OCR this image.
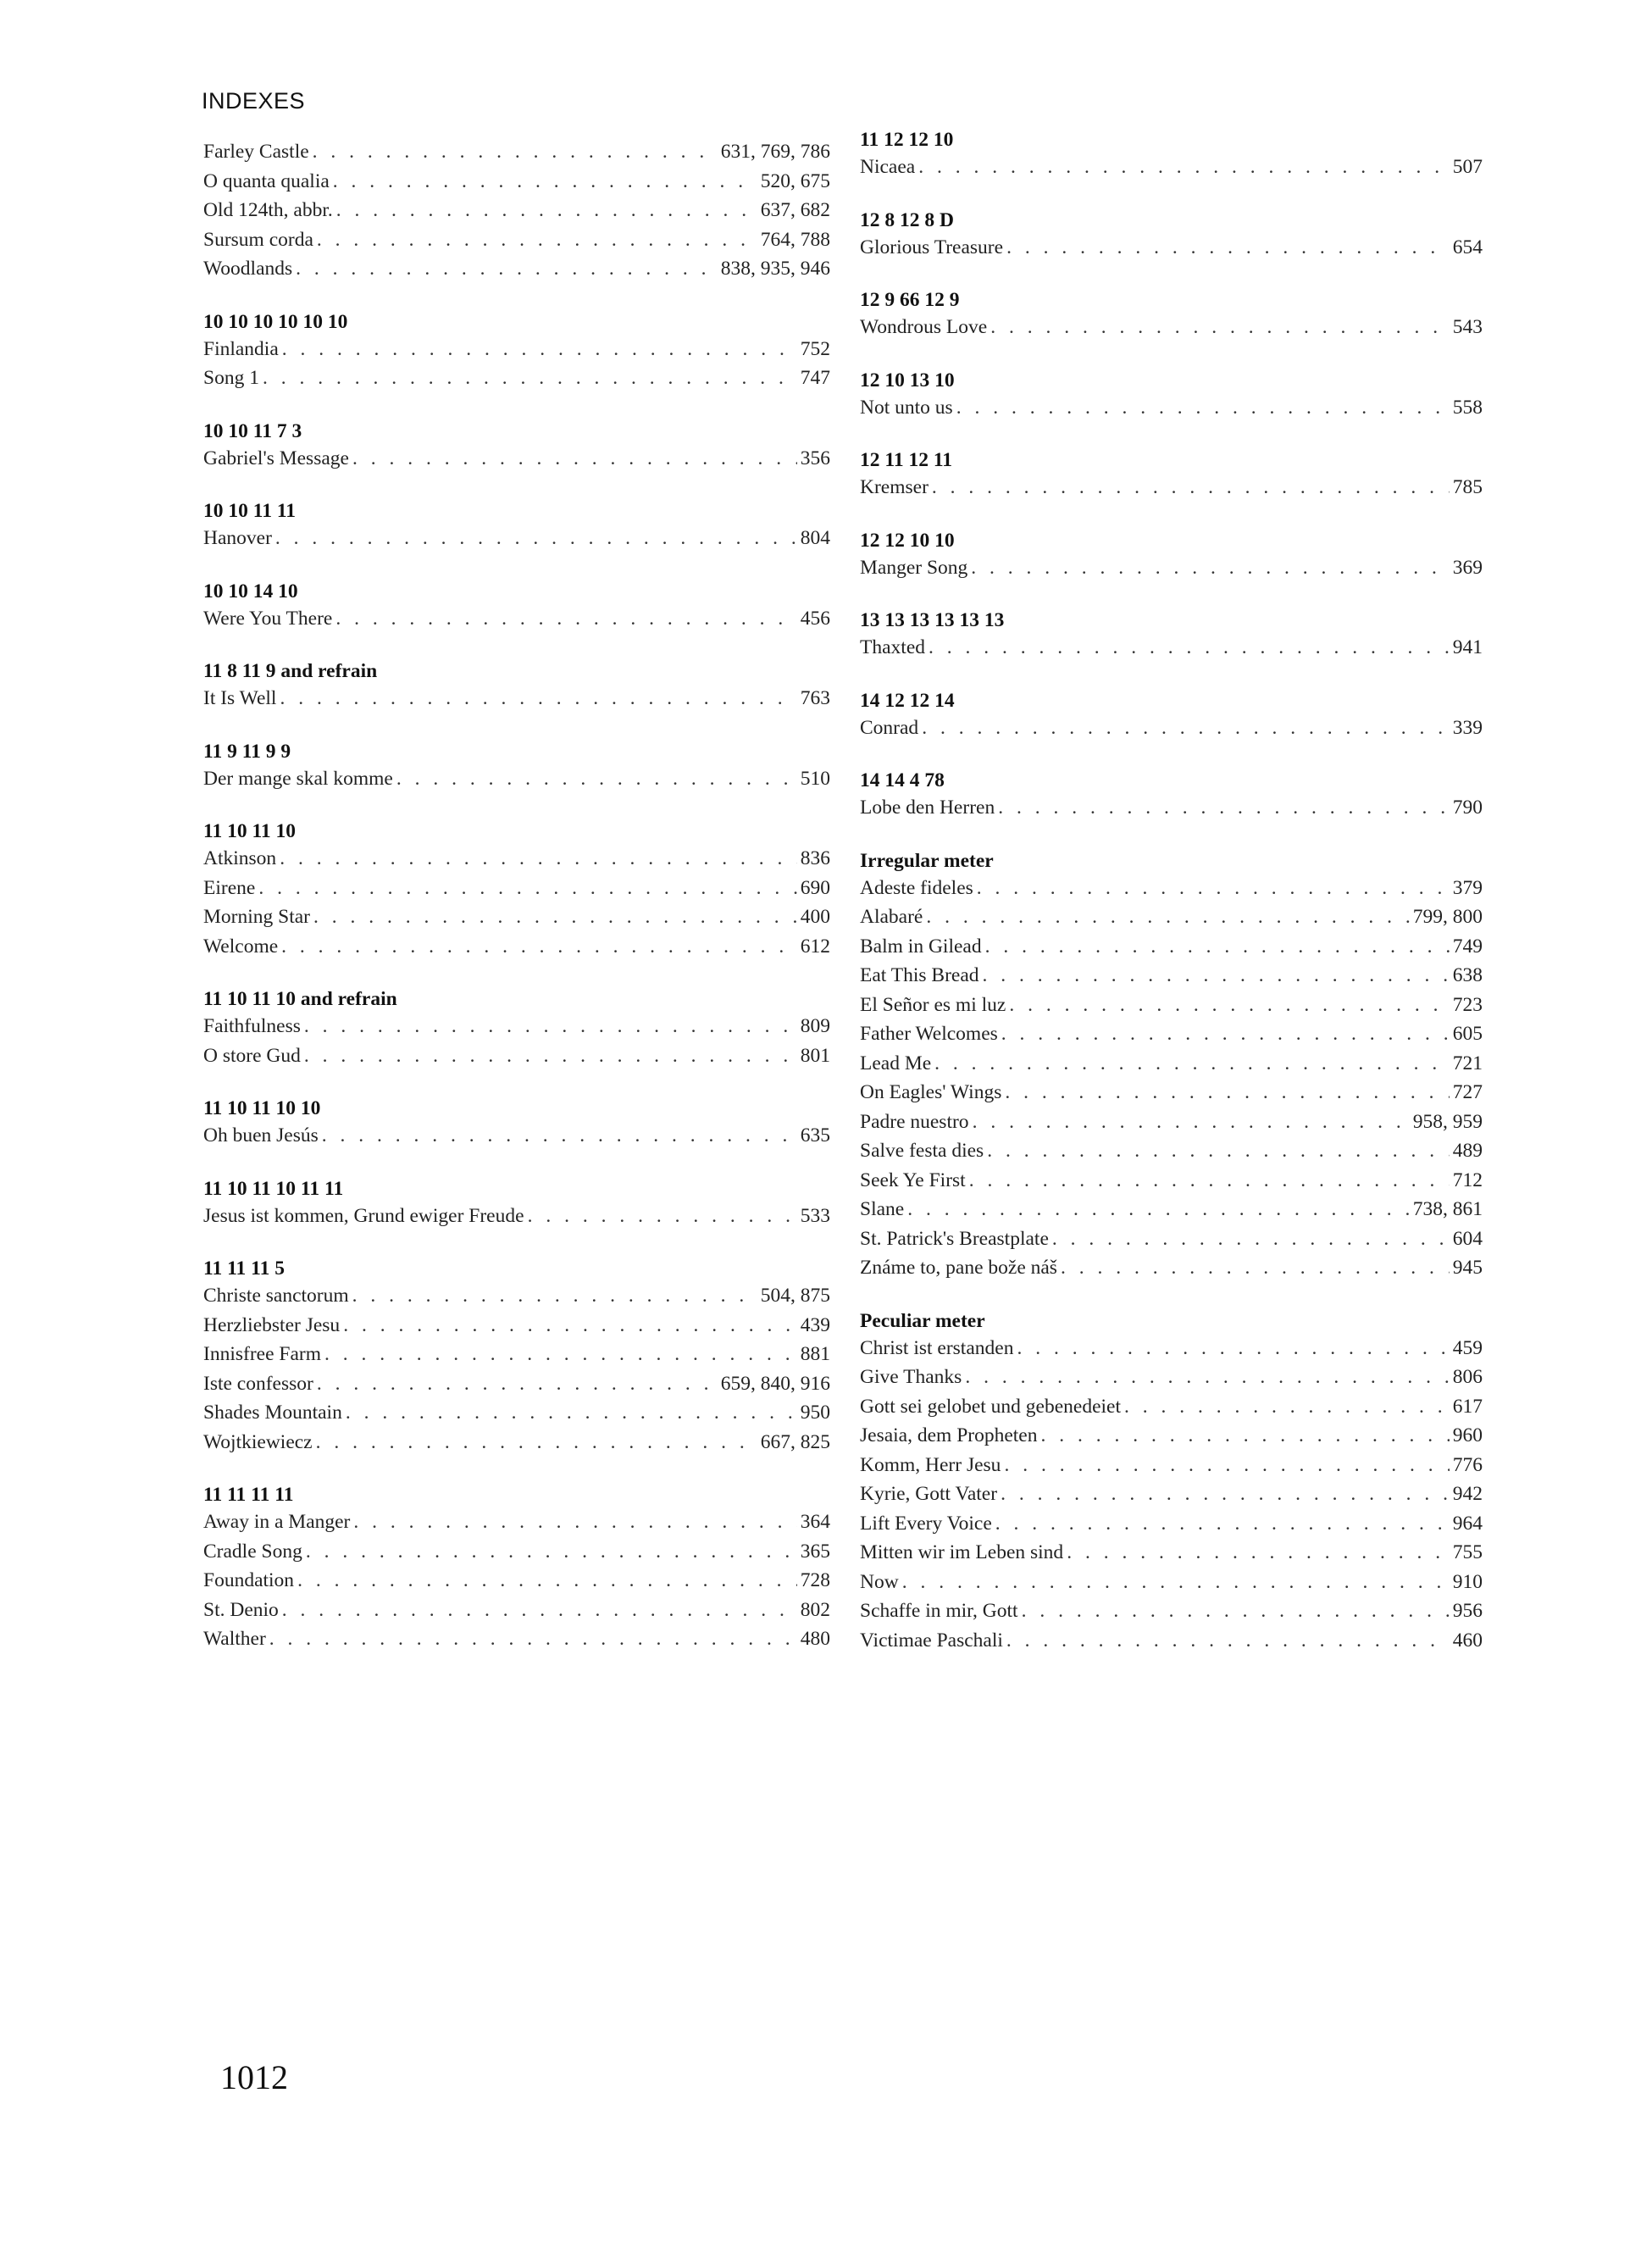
INDEXES
Farley Castle . . .	631, 769, 786
O quanta qualia . . .	520, 675
Old 124th, abbr. . . .	637, 682
Sursum corda . . .	764, 788
Woodlands . . .	838, 935, 946
10 10 10 10 10 10
Finlandia . . .	752
Song 1 . . .	747
10 10 11 7 3
Gabriel's Message . . .	356
10 10 11 11
Hanover . . .	804
10 10 14 10
Were You There . . .	456
11 8 11 9 and refrain
It Is Well . . .	763
11 9 11 9 9
Der mange skal komme . . .	510
11 10 11 10
Atkinson . . .	836
Eirene . . .	690
Morning Star . . .	400
Welcome . . .	612
11 10 11 10 and refrain
Faithfulness . . .	809
O store Gud . . .	801
11 10 11 10 10
Oh buen Jesús . . .	635
11 10 11 10 11 11
Jesus ist kommen, Grund ewiger Freude . . .	533
11 11 11 5
Christe sanctorum . . .	504, 875
Herzliebster Jesu . . .	439
Innisfree Farm . . .	881
Iste confessor . . .	659, 840, 916
Shades Mountain . . .	950
Wojtkiewiecz . . .	667, 825
11 11 11 11
Away in a Manger . . .	364
Cradle Song . . .	365
Foundation . . .	728
St. Denio . . .	802
Walther . . .	480
11 12 12 10
Nicaea . . .	507
12 8 12 8 D
Glorious Treasure . . .	654
12 9 66 12 9
Wondrous Love . . .	543
12 10 13 10
Not unto us . . .	558
12 11 12 11
Kremser . . .	785
12 12 10 10
Manger Song . . .	369
13 13 13 13 13 13
Thaxted . . .	941
14 12 12 14
Conrad . . .	339
14 14 4 78
Lobe den Herren . . .	790
Irregular meter
Adeste fideles . . .	379
Alabaré . . .	799, 800
Balm in Gilead . . .	749
Eat This Bread . . .	638
El Señor es mi luz . . .	723
Father Welcomes . . .	605
Lead Me . . .	721
On Eagles' Wings . . .	727
Padre nuestro . . .	958, 959
Salve festa dies . . .	489
Seek Ye First . . .	712
Slane . . .	738, 861
St. Patrick's Breastplate . . .	604
Známe to, pane bože náš . . .	945
Peculiar meter
Christ ist erstanden . . .	459
Give Thanks . . .	806
Gott sei gelobet und gebenedeiet . . .	617
Jesaia, dem Propheten . . .	960
Komm, Herr Jesu . . .	776
Kyrie, Gott Vater . . .	942
Lift Every Voice . . .	964
Mitten wir im Leben sind . . .	755
Now . . .	910
Schaffe in mir, Gott . . .	956
Victimae Paschali . . .	460
1012
